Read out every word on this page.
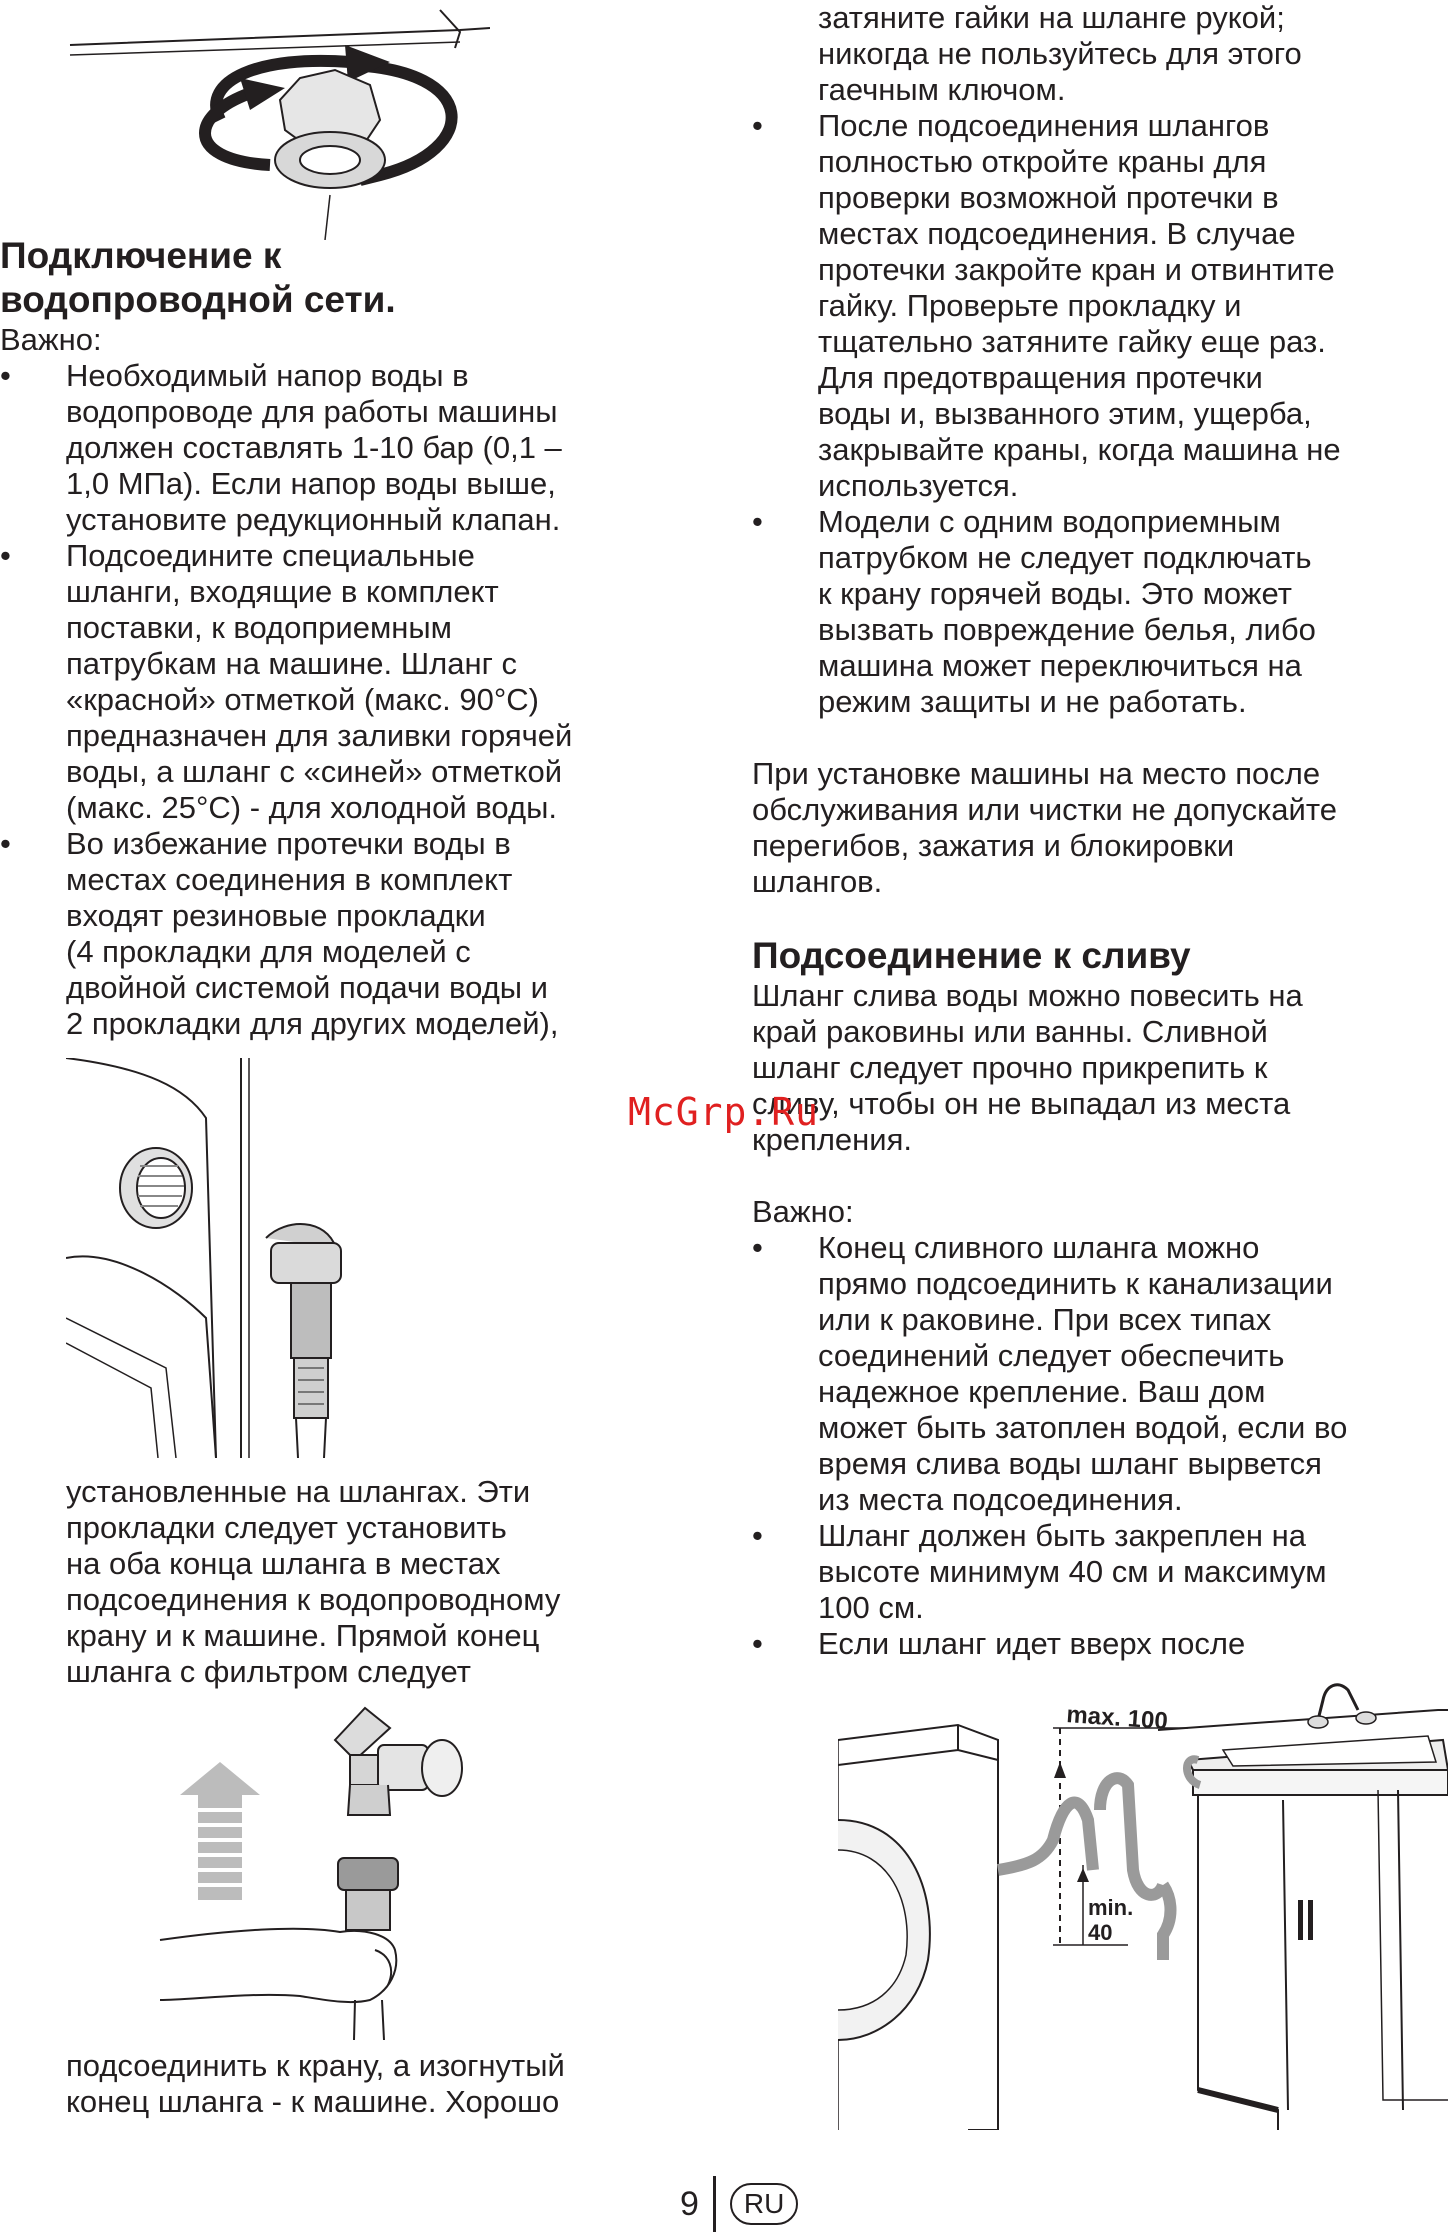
Подключение к
водопроводной сети.
Важно:
• Необходимый напор воды в
водопроводе для работы машины
должен составлять 1-10 бар (0,1 –
1,0 МПа). Если напор воды выше,
установите редукционный клапан.
• Подсоедините специальные
шланги, входящие в комплект
поставки, к водоприемным
патрубкам на машине. Шланг с
«красной» отметкой (макс. 90°С)
предназначен для заливки горячей
воды, а шланг с «синей» отметкой
(макс. 25°С) - для холодной воды.
• Во избежание протечки воды в
местах соединения в комплект
входят резиновые прокладки
(4 прокладки для моделей с
двойной системой подачи воды и
2 прокладки для других моделей),
установленные на шлангах. Эти
прокладки следует установить
на оба конца шланга в местах
подсоединения к водопроводному
крану и к машине. Прямой конец
шланга с фильтром следует
подсоединить к крану, а изогнутый
конец шланга - к машине. Хорошо
затяните гайки на шланге рукой;
никогда не пользуйтесь для этого
гаечным ключом.
• После подсоединения шлангов
полностью откройте краны для
проверки возможной протечки в
местах подсоединения. В случае
протечки закройте кран и отвинтите
гайку. Проверьте прокладку и
тщательно затяните гайку еще раз.
Для предотвращения протечки
воды и, вызванного этим, ущерба,
закрывайте краны, когда машина не
используется.
• Модели с одним водоприемным
патрубком не следует подключать
к крану горячей воды. Это может
вызвать повреждение белья, либо
машина может переключиться на
режим защиты и не работать.
При установке машины на место после
обслуживания или чистки не допускайте
перегибов, зажатия и блокировки
шлангов.
Подсоединение к сливу
Шланг слива воды можно повесить на
край раковины или ванны. Сливной
шланг следует прочно прикрепить к
сливу, чтобы он не выпадал из места
крепления.
Важно:
• Конец сливного шланга можно
прямо подсоединить к канализации
или к раковине. При всех типах
соединений следует обеспечить
надежное крепление. Ваш дом
может быть затоплен водой, если во
время слива воды шланг вырвется
из места подсоединения.
• Шланг должен быть закреплен на
высоте минимум 40 см и максимум
100 см.
• Если шланг идет вверх после
max. 100
min.
40
McGrp.Ru
9	RU
